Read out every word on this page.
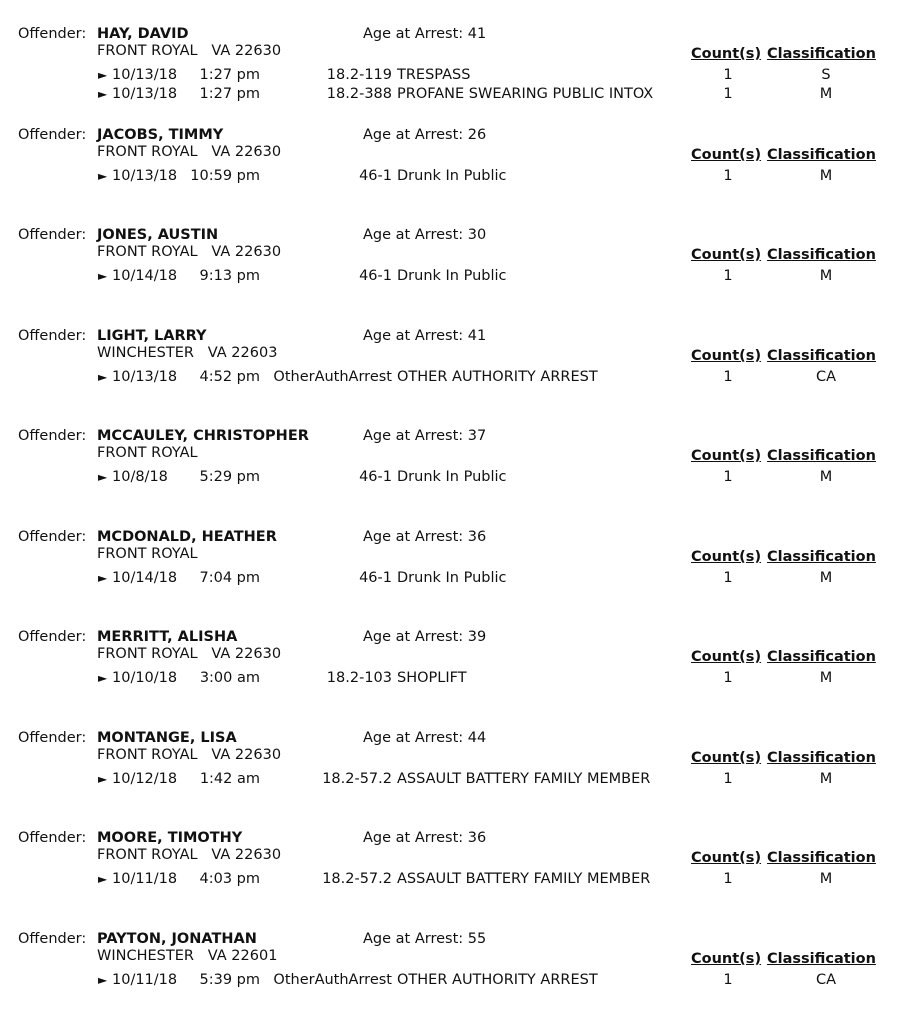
Offender: HAY, DAVID	Age at Arrest: 41
FRONT ROYAL   VA 22630	Count(s) Classification
► 10/13/18 1:27 pm	18.2-119 TRESPASS	1	S
► 10/13/18 1:27 pm	18.2-388 PROFANE SWEARING PUBLIC INTOX	1	M
Offender: JACOBS, TIMMY	Age at Arrest: 26
FRONT ROYAL   VA 22630	Count(s) Classification
► 10/13/18 10:59 pm	46-1 Drunk In Public	1	M
Offender: JONES, AUSTIN	Age at Arrest: 30
FRONT ROYAL   VA 22630	Count(s) Classification
► 10/14/18 9:13 pm	46-1 Drunk In Public	1	M
Offender: LIGHT, LARRY	Age at Arrest: 41
WINCHESTER   VA 22603	Count(s) Classification
► 10/13/18 4:52 pm OtherAuthArrest OTHER AUTHORITY ARREST	1	CA
Offender: MCCAULEY, CHRISTOPHER	Age at Arrest: 37
FRONT ROYAL	Count(s) Classification
► 10/8/18 5:29 pm	46-1 Drunk In Public	1	M
Offender: MCDONALD, HEATHER	Age at Arrest: 36
FRONT ROYAL	Count(s) Classification
► 10/14/18 7:04 pm	46-1 Drunk In Public	1	M
Offender: MERRITT, ALISHA	Age at Arrest: 39
FRONT ROYAL   VA 22630	Count(s) Classification
► 10/10/18 3:00 am	18.2-103 SHOPLIFT	1	M
Offender: MONTANGE, LISA	Age at Arrest: 44
FRONT ROYAL   VA 22630	Count(s) Classification
► 10/12/18 1:42 am	18.2-57.2 ASSAULT BATTERY FAMILY MEMBER	1	M
Offender: MOORE, TIMOTHY	Age at Arrest: 36
FRONT ROYAL   VA 22630	Count(s) Classification
► 10/11/18 4:03 pm	18.2-57.2 ASSAULT BATTERY FAMILY MEMBER	1	M
Offender: PAYTON, JONATHAN	Age at Arrest: 55
WINCHESTER   VA 22601	Count(s) Classification
► 10/11/18 5:39 pm OtherAuthArrest OTHER AUTHORITY ARREST	1	CA
